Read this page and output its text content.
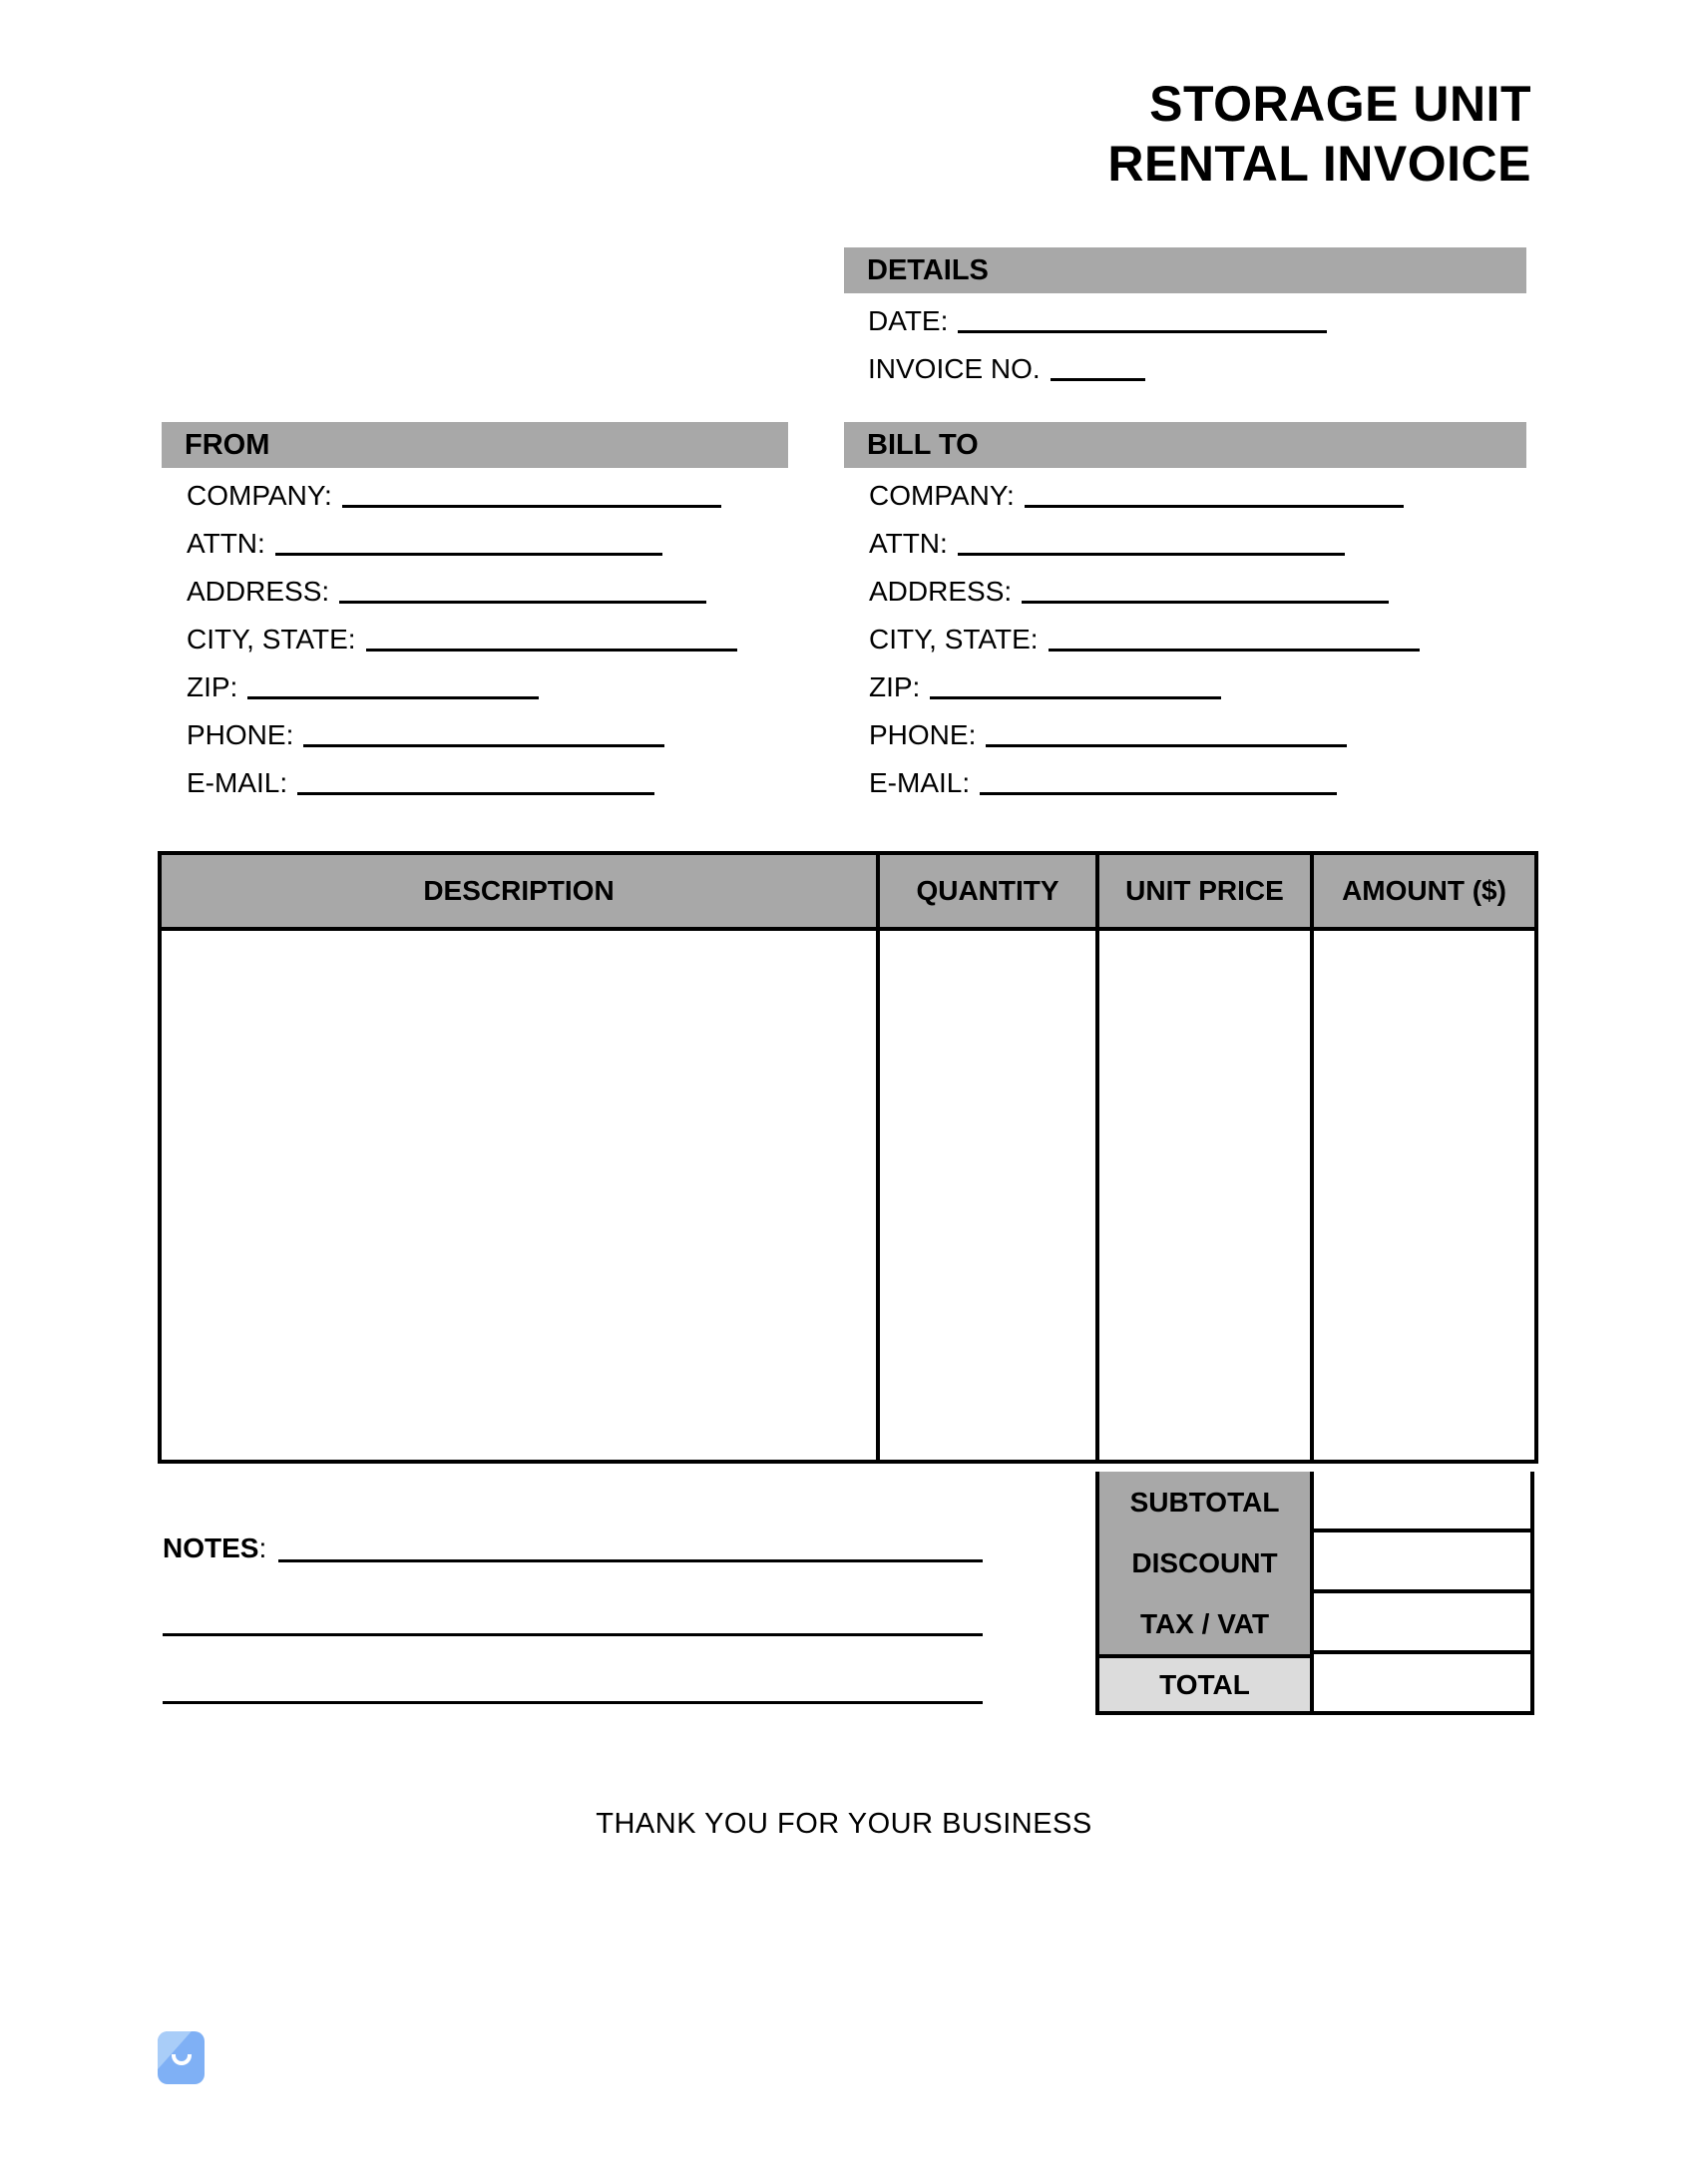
STORAGE UNIT
RENTAL INVOICE
DETAILS
DATE:
INVOICE NO.
FROM
COMPANY:
ATTN:
ADDRESS:
CITY, STATE:
ZIP:
PHONE:
E-MAIL:
BILL TO
COMPANY:
ATTN:
ADDRESS:
CITY, STATE:
ZIP:
PHONE:
E-MAIL:
DESCRIPTION	QUANTITY	UNIT PRICE	AMOUNT ($)

SUBTOTAL
DISCOUNT
TAX / VAT
TOTAL
NOTES :
THANK YOU FOR YOUR BUSINESS
